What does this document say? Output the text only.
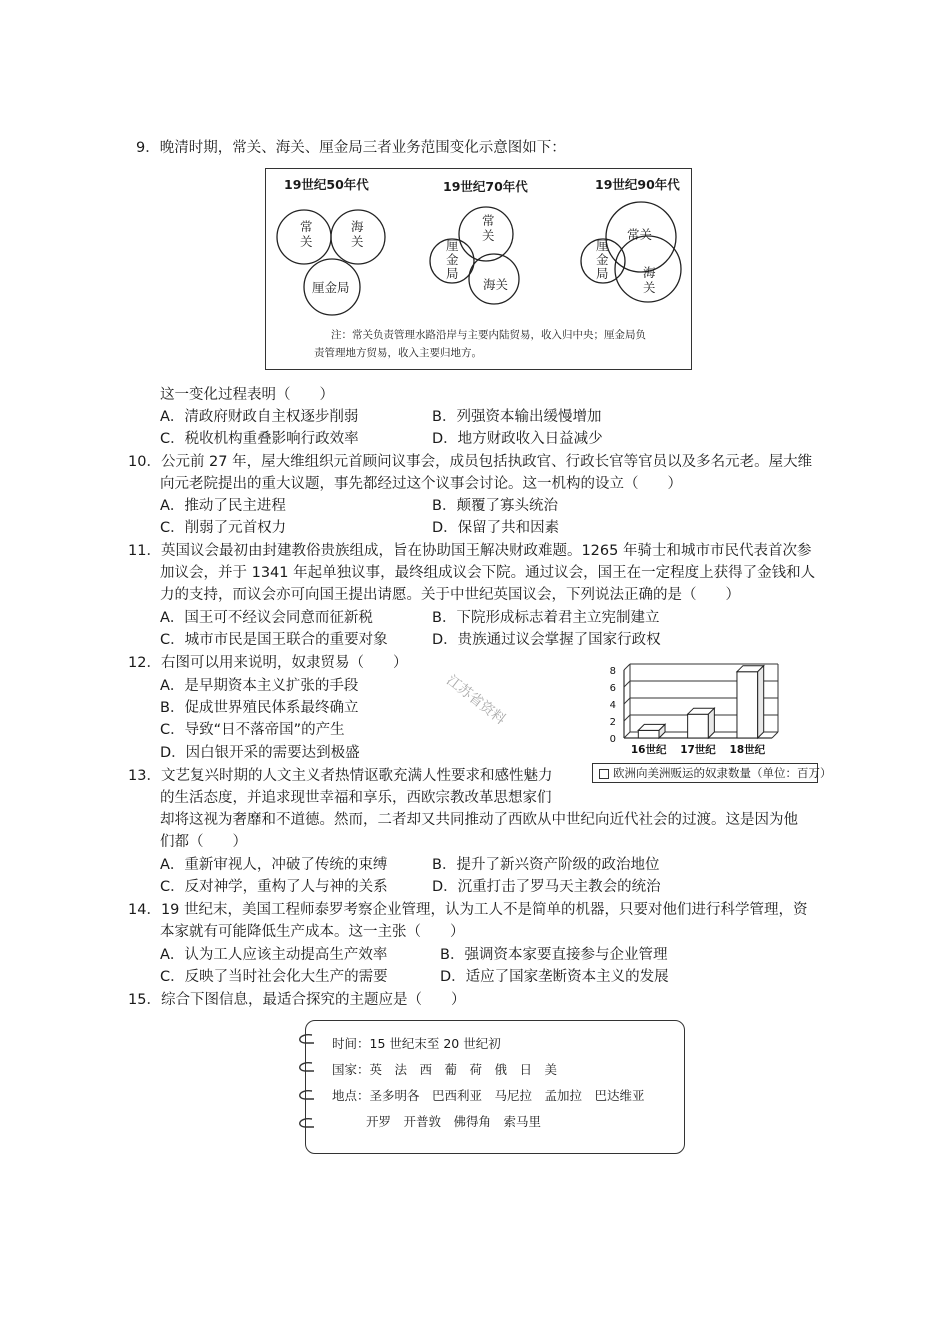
9．晚清时期，常关、海关、厘金局三者业务范围变化示意图如下：
19世纪50年代	19世纪70年代	19世纪90年代
常关
海关
厘金局
常关
厘金局
海关
常关
厘金局	海关
注：常关负责管理水路沿岸与主要内陆贸易，收入归中央；厘金局负
责管理地方贸易，收入主要归地方。
这一变化过程表明（　　）
A．清政府财政自主权逐步削弱	B．列强资本输出缓慢增加
C．税收机构重叠影响行政效率	D．地方财政收入日益减少
10．公元前 27 年，屋大维组织元首顾问议事会，成员包括执政官、行政长官等官员以及多名元老。屋大维
向元老院提出的重大议题，事先都经过这个议事会讨论。这一机构的设立（　　）
A．推动了民主进程	B．颠覆了寡头统治
C．削弱了元首权力	D．保留了共和因素
11．英国议会最初由封建教俗贵族组成，旨在协助国王解决财政难题。1265 年骑士和城市市民代表首次参
加议会，并于 1341 年起单独议事，最终组成议会下院。通过议会，国王在一定程度上获得了金钱和人
力的支持，而议会亦可向国王提出请愿。关于中世纪英国议会，下列说法正确的是（　　）
A．国王可不经议会同意而征新税	B．下院形成标志着君主立宪制建立
C．城市市民是国王联合的重要对象	D．贵族通过议会掌握了国家行政权
12．右图可以用来说明，奴隶贸易（　　）
A．是早期资本主义扩张的手段
B．促成世界殖民体系最终确立
C．导致“日不落帝国”的产生
D．因白银开采的需要达到极盛
江苏省资料
0
2
4
6
8
16世纪 17世纪 18世纪
欧洲向美洲贩运的奴隶数量（单位：百万）
13．文艺复兴时期的人文主义者热情讴歌充满人性要求和感性魅力
的生活态度，并追求现世幸福和享乐，西欧宗教改革思想家们
却将这视为奢靡和不道德。然而，二者却又共同推动了西欧从中世纪向近代社会的过渡。这是因为他
们都（　　）
A．重新审视人，冲破了传统的束缚	B．提升了新兴资产阶级的政治地位
C．反对神学，重构了人与神的关系	D．沉重打击了罗马天主教会的统治
14．19 世纪末，美国工程师泰罗考察企业管理，认为工人不是简单的机器，只要对他们进行科学管理，资
本家就有可能降低生产成本。这一主张（　　）
A．认为工人应该主动提高生产效率	B．强调资本家要直接参与企业管理
C．反映了当时社会化大生产的需要	D．适应了国家垄断资本主义的发展
15．综合下图信息，最适合探究的主题应是（　　）
时间：15 世纪末至 20 世纪初
国家：英　法　西　葡　荷　俄　日　美
地点：圣多明各　巴西利亚　马尼拉　孟加拉　巴达维亚
开罗　开普敦　佛得角　索马里
